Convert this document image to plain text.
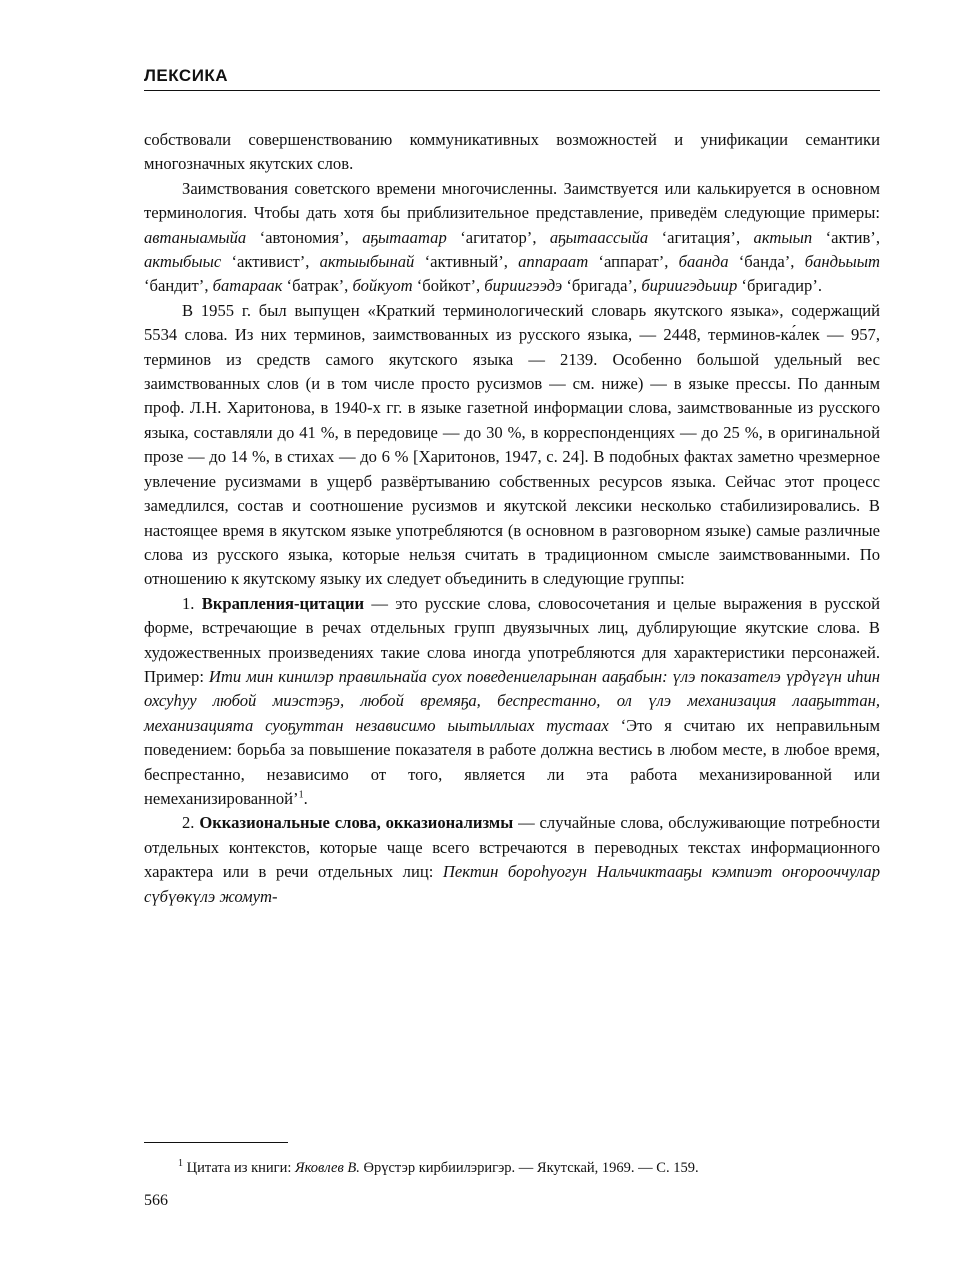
ЛЕКСИКА

собствовали совершенствованию коммуникативных возможностей и унификации семантики многозначных якутских слов.

Заимствования советского времени многочисленны. Заимствуется или калькируется в основном терминология. Чтобы дать хотя бы приблизительное представление, приведём следующие примеры: автаныамыйа ‘автономия’, аҕытаатар ‘агитатор’, аҕытаассыйа ‘агитация’, актыып ‘актив’, актыбыыс ‘активист’, актыыбынай ‘активный’, аппараат ‘аппарат’, баанда ‘банда’, бандьыыт ‘бандит’, батараак ‘батрак’, бойкуот ‘бойкот’, бириигээдэ ‘бригада’, бириигэдьиир ‘бригадир’.

В 1955 г. был выпущен «Краткий терминологический словарь якутского языка», содержащий 5534 слова. Из них терминов, заимствованных из русского языка, — 2448, терминов-ка́лек — 957, терминов из средств самого якутского языка — 2139. Особенно большой удельный вес заимствованных слов (и в том числе просто русизмов — см. ниже) — в языке прессы. По данным проф. Л.Н. Харитонова, в 1940-х гг. в языке газетной информации слова, заимствованные из русского языка, составляли до 41 %, в передовице — до 30 %, в корреспонденциях — до 25 %, в оригинальной прозе — до 14 %, в стихах — до 6 % [Харитонов, 1947, с. 24]. В подобных фактах заметно чрезмерное увлечение русизмами в ущерб развёртыванию собственных ресурсов языка. Сейчас этот процесс замедлился, состав и соотношение русизмов и якутской лексики несколько стабилизировались. В настоящее время в якутском языке употребляются (в основном в разговорном языке) самые различные слова из русского языка, которые нельзя считать в традиционном смысле заимствованными. По отношению к якутскому языку их следует объединить в следующие группы:

1. Вкрапления-цитации — это русские слова, словосочетания и целые выражения в русской форме, встречающие в речах отдельных групп двуязычных лиц, дублирующие якутские слова. В художественных произведениях такие слова иногда употребляются для характеристики персонажей. Пример: Ити мин кинилэр правильнайа суох поведениеларынан ааҕабын: үлэ показателэ үрдүгүн иһин охсуһуу любой миэстэҕэ, любой времяҕа, беспрестанно, ол үлэ механизация лааҕыттан, механизацията суоҕуттан независимо ыытыллыах тустаах ‘Это я считаю их неправильным поведением: борьба за повышение показателя в работе должна вестись в любом месте, в любое время, беспрестанно, независимо от того, является ли эта работа механизированной или немеханизированной’$^1$.

2. Окказиональные слова, окказионализмы — случайные слова, обслуживающие потребности отдельных контекстов, которые чаще всего встречаются в переводных текстах информационного характера или в речи отдельных лиц: Пектин бороһуогун Нальчиктааҕы кэмпиэт оҥорооччулар сүбүөкүлэ жомут-

$^1$ Цитата из книги: Яковлев В. Өрүстэр кирбиилэригэр. — Якутскай, 1969. — С. 159.
566
